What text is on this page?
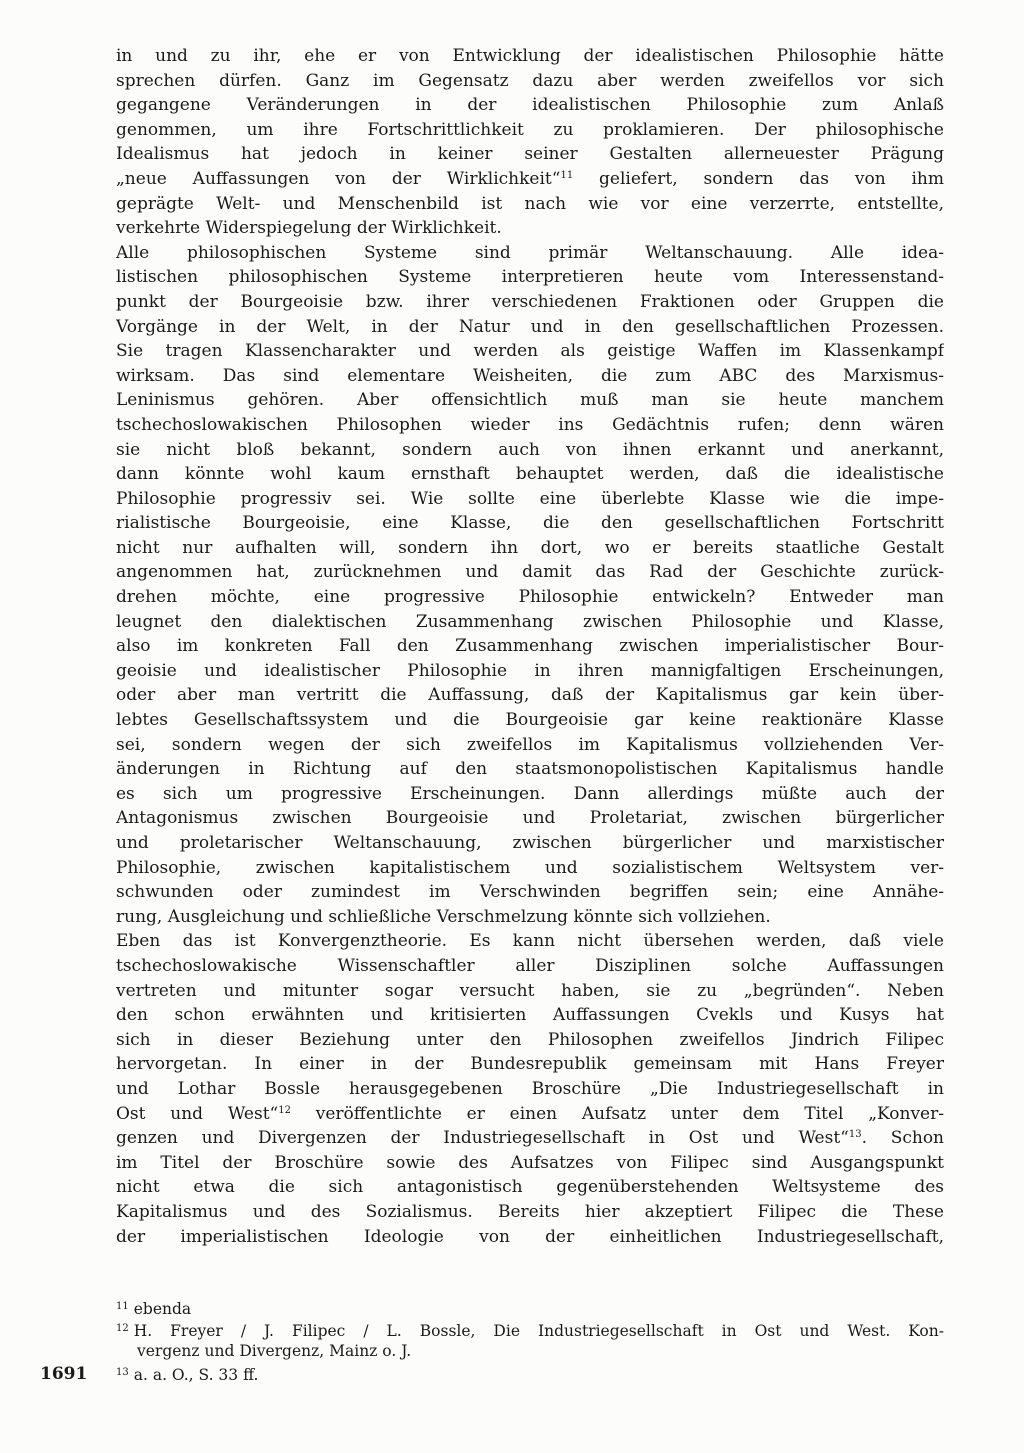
in und zu ihr, ehe er von Entwicklung der idealistischen Philosophie hätte
sprechen dürfen. Ganz im Gegensatz dazu aber werden zweifellos vor sich
gegangene Veränderungen in der idealistischen Philosophie zum Anlaß
genommen, um ihre Fortschrittlichkeit zu proklamieren. Der philosophische
Idealismus hat jedoch in keiner seiner Gestalten allerneuester Prägung
„neue Auffassungen von der Wirklichkeit“$^{11}$ geliefert, sondern das von ihm
geprägte Welt- und Menschenbild ist nach wie vor eine verzerrte, entstellte,
verkehrte Widerspiegelung der Wirklichkeit.
Alle philosophischen Systeme sind primär Weltanschauung. Alle idea-
listischen philosophischen Systeme interpretieren heute vom Interessenstand-
punkt der Bourgeoisie bzw. ihrer verschiedenen Fraktionen oder Gruppen die
Vorgänge in der Welt, in der Natur und in den gesellschaftlichen Prozessen.
Sie tragen Klassencharakter und werden als geistige Waffen im Klassenkampf
wirksam. Das sind elementare Weisheiten, die zum ABC des Marxismus-
Leninismus gehören. Aber offensichtlich muß man sie heute manchem
tschechoslowakischen Philosophen wieder ins Gedächtnis rufen; denn wären
sie nicht bloß bekannt, sondern auch von ihnen erkannt und anerkannt,
dann könnte wohl kaum ernsthaft behauptet werden, daß die idealistische
Philosophie progressiv sei. Wie sollte eine überlebte Klasse wie die impe-
rialistische Bourgeoisie, eine Klasse, die den gesellschaftlichen Fortschritt
nicht nur aufhalten will, sondern ihn dort, wo er bereits staatliche Gestalt
angenommen hat, zurücknehmen und damit das Rad der Geschichte zurück-
drehen möchte, eine progressive Philosophie entwickeln? Entweder man
leugnet den dialektischen Zusammenhang zwischen Philosophie und Klasse,
also im konkreten Fall den Zusammenhang zwischen imperialistischer Bour-
geoisie und idealistischer Philosophie in ihren mannigfaltigen Erscheinungen,
oder aber man vertritt die Auffassung, daß der Kapitalismus gar kein über-
lebtes Gesellschaftssystem und die Bourgeoisie gar keine reaktionäre Klasse
sei, sondern wegen der sich zweifellos im Kapitalismus vollziehenden Ver-
änderungen in Richtung auf den staatsmonopolistischen Kapitalismus handle
es sich um progressive Erscheinungen. Dann allerdings müßte auch der
Antagonismus zwischen Bourgeoisie und Proletariat, zwischen bürgerlicher
und proletarischer Weltanschauung, zwischen bürgerlicher und marxistischer
Philosophie, zwischen kapitalistischem und sozialistischem Weltsystem ver-
schwunden oder zumindest im Verschwinden begriffen sein; eine Annähe-
rung, Ausgleichung und schließliche Verschmelzung könnte sich vollziehen.
Eben das ist Konvergenztheorie. Es kann nicht übersehen werden, daß viele
tschechoslowakische Wissenschaftler aller Disziplinen solche Auffassungen
vertreten und mitunter sogar versucht haben, sie zu „begründen“. Neben
den schon erwähnten und kritisierten Auffassungen Cvekls und Kusys hat
sich in dieser Beziehung unter den Philosophen zweifellos Jindrich Filipec
hervorgetan. In einer in der Bundesrepublik gemeinsam mit Hans Freyer
und Lothar Bossle herausgegebenen Broschüre „Die Industriegesellschaft in
Ost und West“$^{12}$ veröffentlichte er einen Aufsatz unter dem Titel „Konver-
genzen und Divergenzen der Industriegesellschaft in Ost und West“$^{13}$. Schon
im Titel der Broschüre sowie des Aufsatzes von Filipec sind Ausgangspunkt
nicht etwa die sich antagonistisch gegenüberstehenden Weltsysteme des
Kapitalismus und des Sozialismus. Bereits hier akzeptiert Filipec die These
der imperialistischen Ideologie von der einheitlichen Industriegesellschaft,
$^{11}$ ebenda
$^{12}$ H. Freyer / J. Filipec / L. Bossle, Die Industriegesellschaft in Ost und West. Kon-
vergenz und Divergenz, Mainz o. J.
$^{13}$ a. a. O., S. 33 ff.
1691
